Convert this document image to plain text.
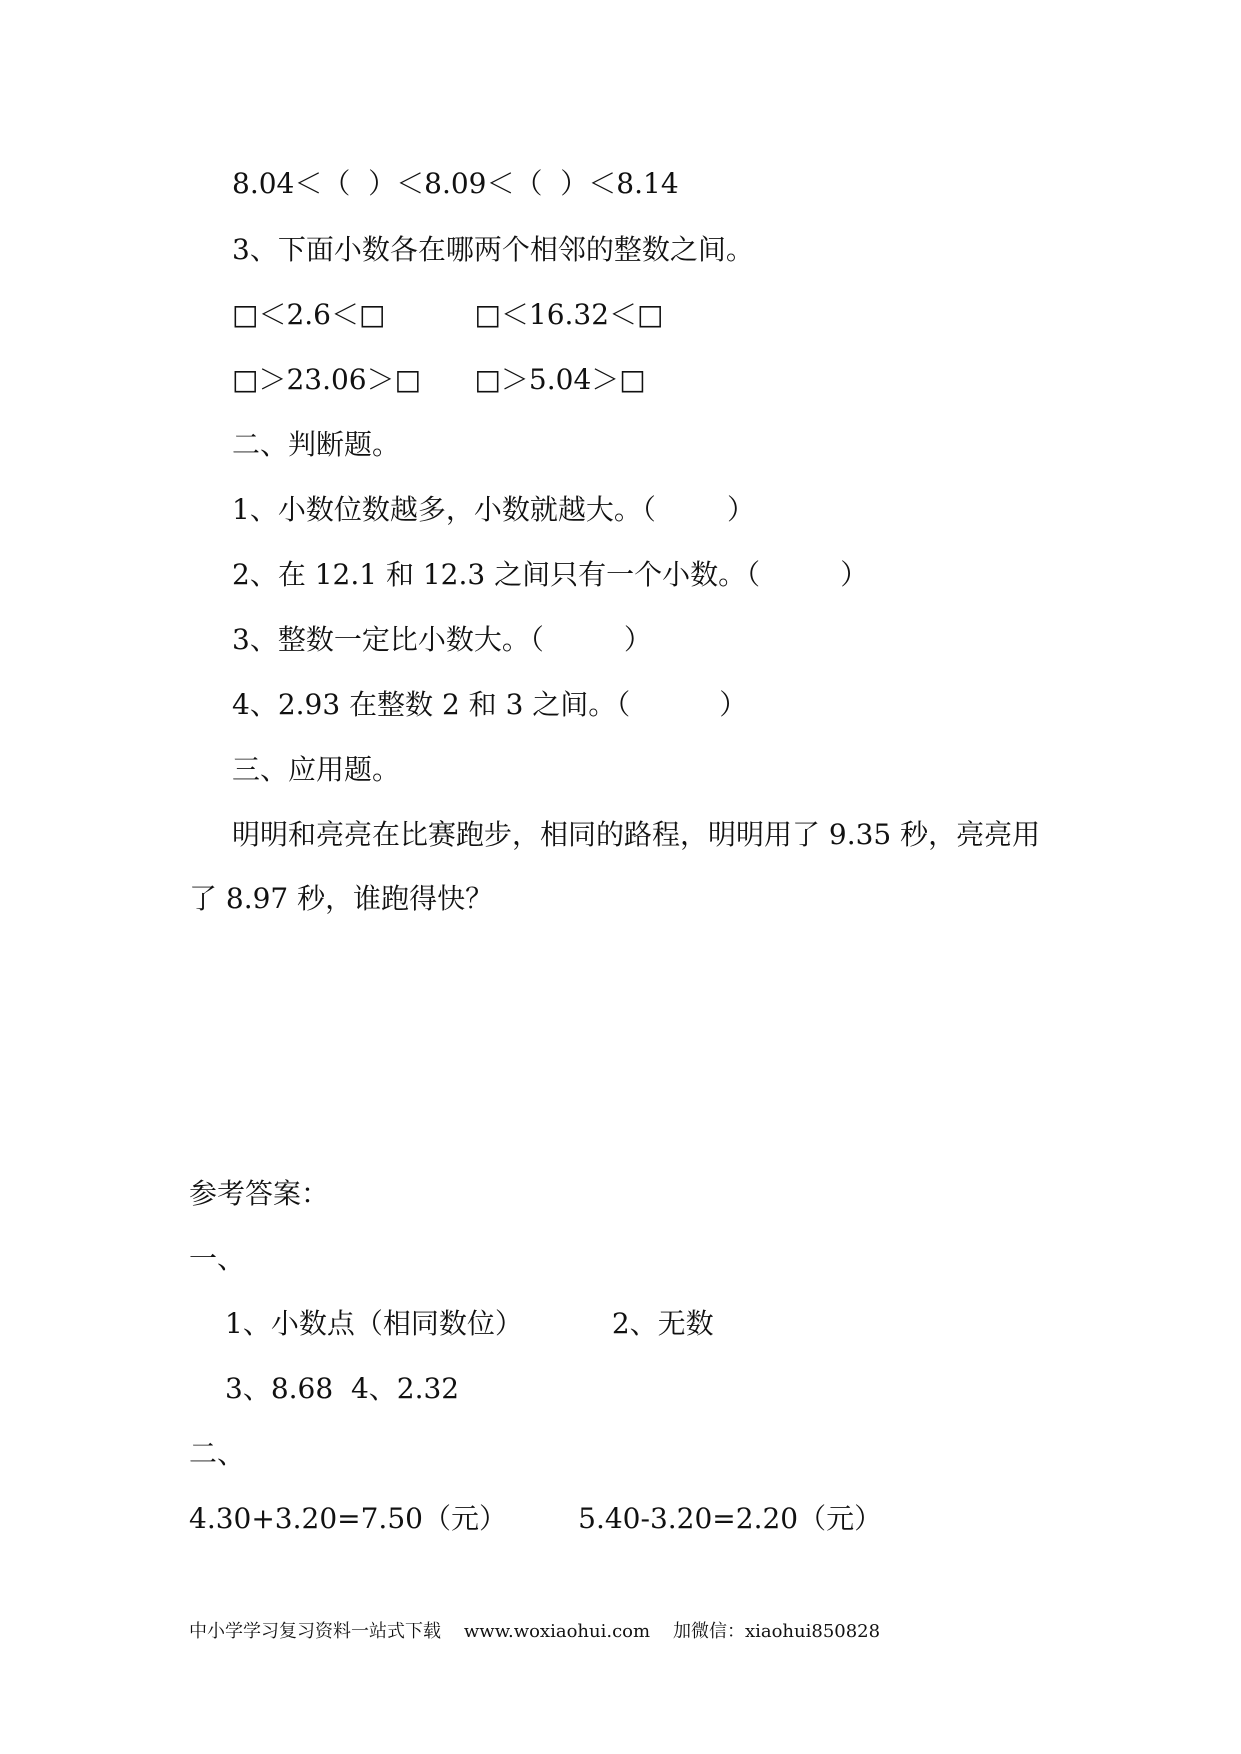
8.04＜（  ）＜8.09＜（  ）＜8.14
3、下面小数各在哪两个相邻的整数之间。
□＜2.6＜□          □＜16.32＜□
□＞23.06＞□      □＞5.04＞□
二、判断题。
1、小数位数越多，小数就越大。（        ）
2、在 12.1 和 12.3 之间只有一个小数。（         ）
3、整数一定比小数大。（         ）
4、2.93 在整数 2 和 3 之间。（          ）
三、应用题。
明明和亮亮在比赛跑步，相同的路程，明明用了 9.35 秒，亮亮用
了 8.97 秒，谁跑得快？
参考答案：
一、
1、小数点（相同数位）          2、无数
3、8.68  4、2.32
二、
4.30+3.20=7.50（元）        5.40-3.20=2.20（元）
中小学学习复习资料一站式下载    www.woxiaohui.com    加微信：xiaohui850828
